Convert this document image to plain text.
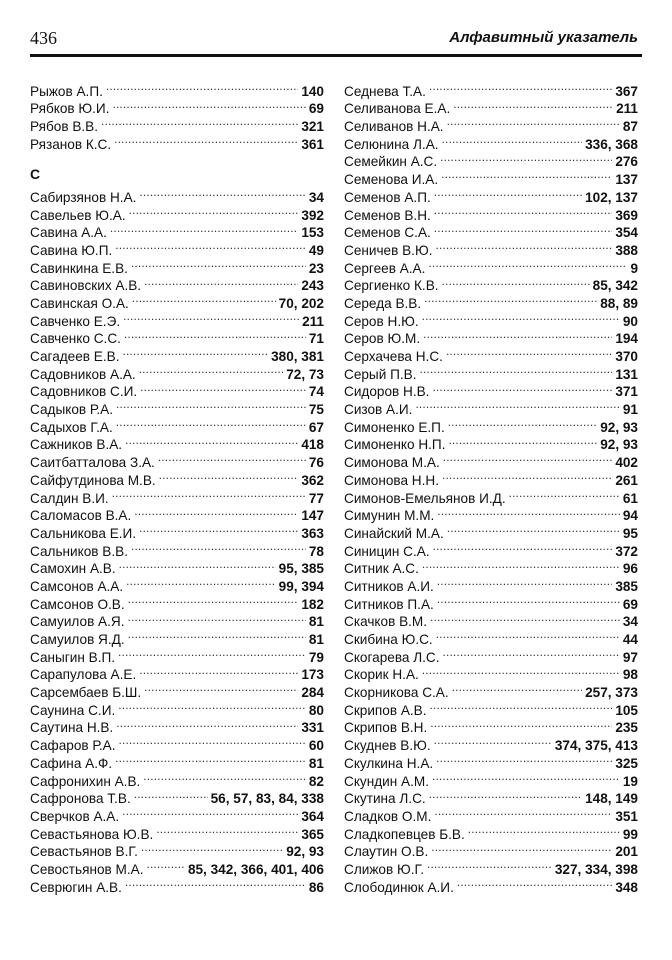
436	Алфавитный указатель
Рыжов А.П. . . .	140
Рябков Ю.И. . . .	69
Рябов В.В. . . .	321
Рязанов К.С. . . .	361
С
Сабирзянов Н.А. . . .	34
Савельев Ю.А. . . .	392
Савина А.А. . . .	153
Савина Ю.П. . . .	49
Савинкина Е.В. . . .	23
Савиновских А.В. . . .	243
Савинская О.А. . . .	70, 202
Савченко Е.Э. . . .	211
Савченко С.С. . . .	71
Сагадеев Е.В. . . .	380, 381
Садовников А.А. . . .	72, 73
Садовников С.И. . . .	74
Садыков Р.А. . . .	75
Садыхов Г.А. . . .	67
Сажников В.А. . . .	418
Саитбатталова З.А. . . .	76
Сайфутдинова М.В. . . .	362
Салдин В.И. . . .	77
Саломасов В.А. . . .	147
Сальникова Е.И. . . .	363
Сальников В.В. . . .	78
Самохин А.В. . . .	95, 385
Самсонов А.А. . . .	99, 394
Самсонов О.В. . . .	182
Самуилов А.Я. . . .	81
Самуилов Я.Д. . . .	81
Саныгин В.П. . . .	79
Сарапулова А.Е. . . .	173
Сарсембаев Б.Ш. . . .	284
Саунина С.И. . . .	80
Саутина Н.В. . . .	331
Сафаров Р.А. . . .	60
Сафина А.Ф. . . .	81
Сафронихин А.В. . . .	82
Сафронова Т.В. . . .	56, 57, 83, 84, 338
Сверчков А.А. . . .	364
Севастьянова Ю.В. . . .	365
Севастьянов В.Г. . . .	92, 93
Севостьянов М.А. . . .	85, 342, 366, 401, 406
Севрюгин А.В. . . .	86
Седнева Т.А. . . .	367
Селиванова Е.А. . . .	211
Селиванов Н.А. . . .	87
Селюнина Л.А. . . .	336, 368
Семейкин А.С. . . .	276
Семенова И.А. . . .	137
Семенов А.П. . . .	102, 137
Семенов В.Н. . . .	369
Семенов С.А. . . .	354
Сеничев В.Ю. . . .	388
Сергеев А.А. . . .	9
Сергиенко К.В. . . .	85, 342
Середа В.В. . . .	88, 89
Серов Н.Ю. . . .	90
Серов Ю.М. . . .	194
Серхачева Н.С. . . .	370
Серый П.В. . . .	131
Сидоров Н.В. . . .	371
Сизов А.И. . . .	91
Симоненко Е.П. . . .	92, 93
Симоненко Н.П. . . .	92, 93
Симонова М.А. . . .	402
Симонова Н.Н. . . .	261
Симонов-Емельянов И.Д. . . .	61
Симунин М.М. . . .	94
Синайский М.А. . . .	95
Синицин С.А. . . .	372
Ситник А.С. . . .	96
Ситников А.И. . . .	385
Ситников П.А. . . .	69
Скачков В.М. . . .	34
Скибина Ю.С. . . .	44
Скогарева Л.С. . . .	97
Скорик Н.А. . . .	98
Скорникова С.А. . . .	257, 373
Скрипов А.В. . . .	105
Скрипов В.Н. . . .	235
Скуднев В.Ю. . . .	374, 375, 413
Скулкина Н.А. . . .	325
Скундин А.М. . . .	19
Скутина Л.С. . . .	148, 149
Сладков О.М. . . .	351
Сладкопевцев Б.В. . . .	99
Слаутин О.В. . . .	201
Слижов Ю.Г. . . .	327, 334, 398
Слободинюк А.И. . . .	348
